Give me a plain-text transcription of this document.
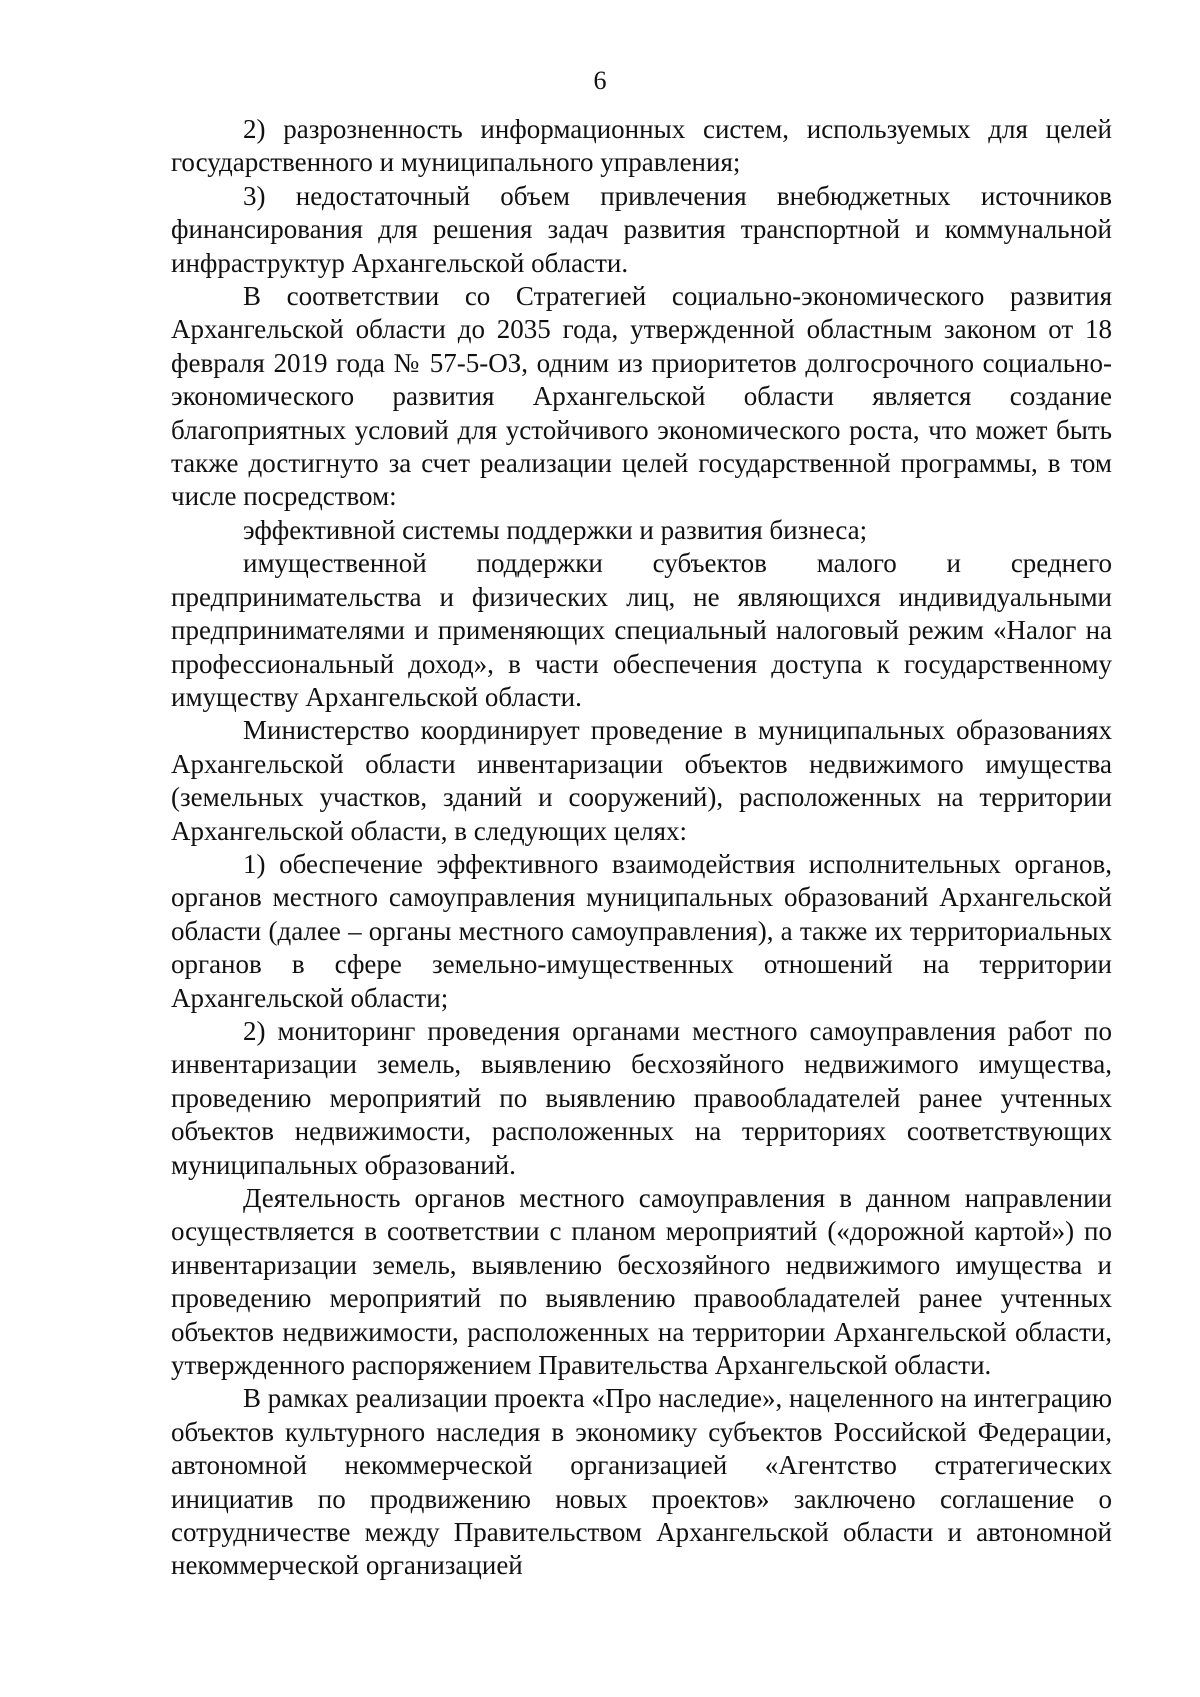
6

2) разрозненность информационных систем, используемых для целей государственного и муниципального управления;

3) недостаточный объем привлечения внебюджетных источников финансирования для решения задач развития транспортной и коммунальной инфраструктур Архангельской области.

В соответствии со Стратегией социально-экономического развития Архангельской области до 2035 года, утвержденной областным законом от 18 февраля 2019 года № 57-5-ОЗ, одним из приоритетов долгосрочного социально-экономического развития Архангельской области является создание благоприятных условий для устойчивого экономического роста, что может быть также достигнуто за счет реализации целей государственной программы, в том числе посредством:

эффективной системы поддержки и развития бизнеса;

имущественной поддержки субъектов малого и среднего предпринимательства и физических лиц, не являющихся индивидуальными предпринимателями и применяющих специальный налоговый режим «Налог на профессиональный доход», в части обеспечения доступа к государственному имуществу Архангельской области.

Министерство координирует проведение в муниципальных образованиях Архангельской области инвентаризации объектов недвижимого имущества (земельных участков, зданий и сооружений), расположенных на территории Архангельской области, в следующих целях:

1) обеспечение эффективного взаимодействия исполнительных органов, органов местного самоуправления муниципальных образований Архангельской области (далее – органы местного самоуправления), а также их территориальных органов в сфере земельно-имущественных отношений на территории Архангельской области;

2) мониторинг проведения органами местного самоуправления работ по инвентаризации земель, выявлению бесхозяйного недвижимого имущества, проведению мероприятий по выявлению правообладателей ранее учтенных объектов недвижимости, расположенных на территориях соответствующих муниципальных образований.

Деятельность органов местного самоуправления в данном направлении осуществляется в соответствии с планом мероприятий («дорожной картой») по инвентаризации земель, выявлению бесхозяйного недвижимого имущества и проведению мероприятий по выявлению правообладателей ранее учтенных объектов недвижимости, расположенных на территории Архангельской области, утвержденного распоряжением Правительства Архангельской области.

В рамках реализации проекта «Про наследие», нацеленного на интеграцию объектов культурного наследия в экономику субъектов Российской Федерации, автономной некоммерческой организацией «Агентство стратегических инициатив по продвижению новых проектов» заключено соглашение о сотрудничестве между Правительством Архангельской области и автономной некоммерческой организацией
